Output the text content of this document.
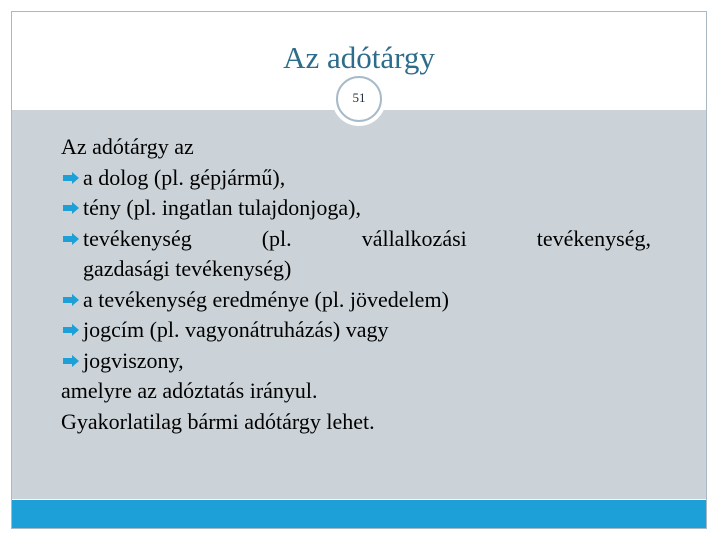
Az adótárgy
51
Az adótárgy az
a dolog (pl. gépjármű),
tény (pl. ingatlan tulajdonjoga),
tevékenység	(pl.	vállalkozási	tevékenység,
gazdasági tevékenység)
a tevékenység eredménye (pl. jövedelem)
jogcím (pl. vagyonátruházás) vagy
jogviszony,
amelyre az adóztatás irányul.
Gyakorlatilag bármi adótárgy lehet.
